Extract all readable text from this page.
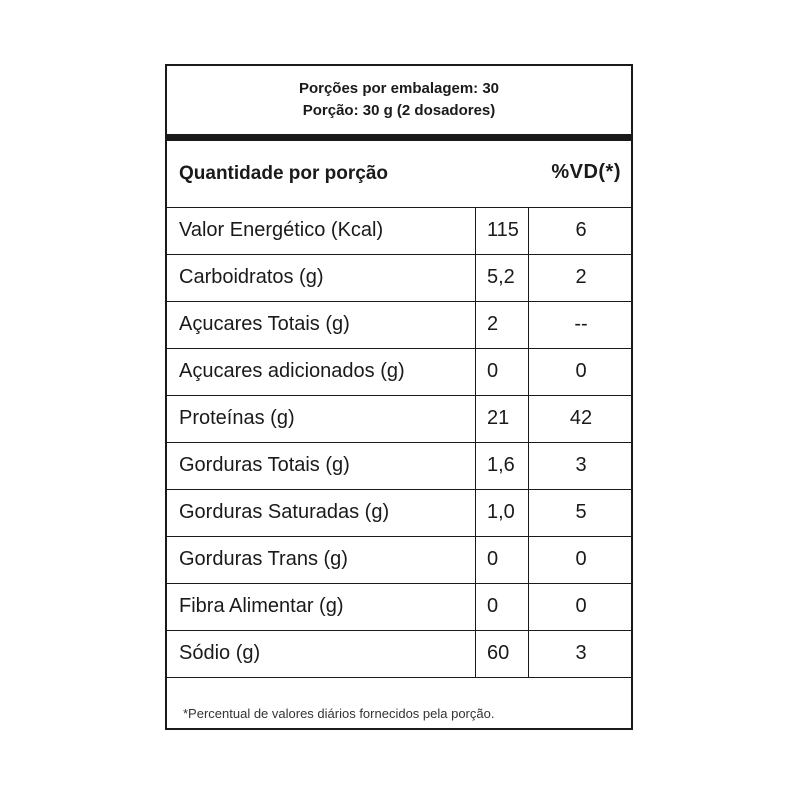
Porções por embalagem: 30
Porção: 30 g (2 dosadores)
Quantidade por porção	%VD(*)
Valor Energético (Kcal)	115	6
Carboidratos (g)	5,2	2
Açucares Totais (g)	2	--
Açucares adicionados (g)	0	0
Proteínas (g)	21	42
Gorduras Totais (g)	1,6	3
Gorduras Saturadas (g)	1,0	5
Gorduras Trans (g)	0	0
Fibra Alimentar (g)	0	0
Sódio (g)	60	3
*Percentual de valores diários fornecidos pela porção.
